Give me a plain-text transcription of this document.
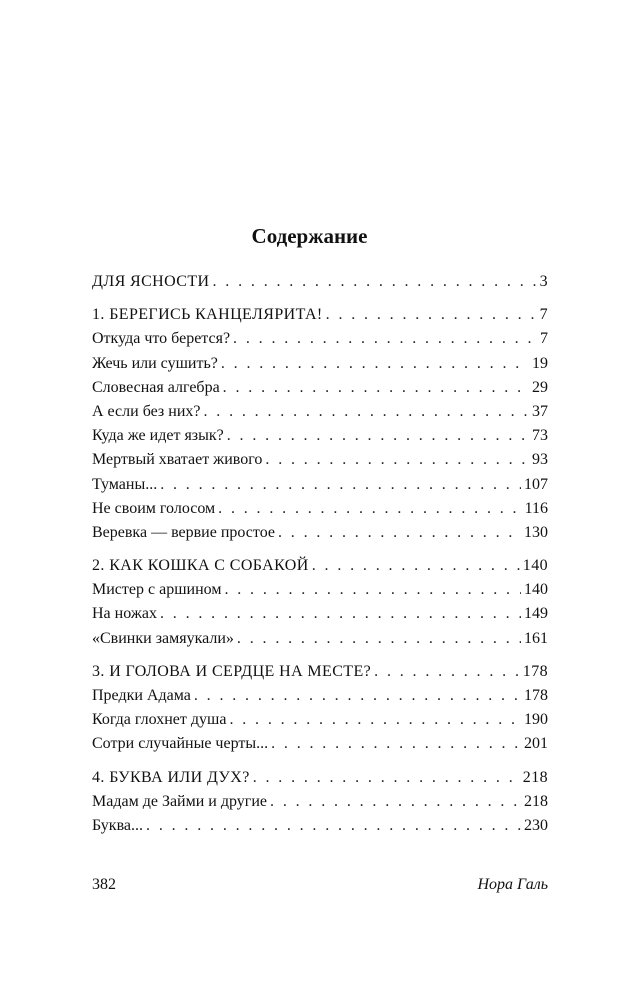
Содержание
ДЛЯ ЯСНОСТИ . . .	3
1. БЕРЕГИСЬ КАНЦЕЛЯРИТА! . . .	7
Откуда что берется? . . .	7
Жечь или сушить? . . .	19
Словесная алгебра . . .	29
А если без них? . . .	37
Куда же идет язык? . . .	73
Мертвый хватает живого . . .	93
Туманы... . . .	107
Не своим голосом . . .	116
Веревка — вервие простое . . .	130
2. КАК КОШКА С СОБАКОЙ . . .	140
Мистер с аршином . . .	140
На ножах . . .	149
«Свинки замяукали» . . .	161
3. И ГОЛОВА И СЕРДЦЕ НА МЕСТЕ? . . .	178
Предки Адама . . .	178
Когда глохнет душа . . .	190
Сотри случайные черты... . . .	201
4. БУКВА ИЛИ ДУХ? . . .	218
Мадам де Займи и другие . . .	218
Буква... . . .	230
382	Нора Галь
